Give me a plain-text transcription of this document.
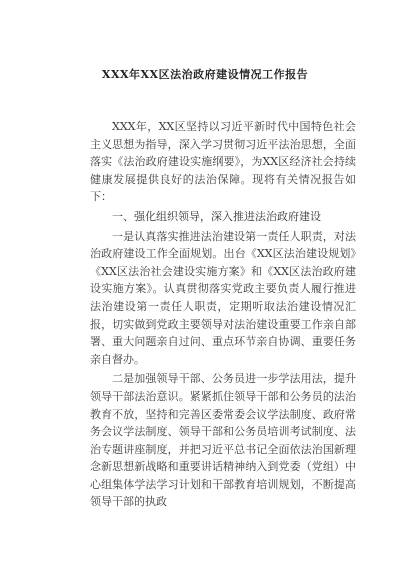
XXX年XX区法治政府建设情况工作报告

XXX年，XX区坚持以习近平新时代中国特色社会主义思想为指导，深入学习贯彻习近平法治思想，全面落实《法治政府建设实施纲要》，为XX区经济社会持续健康发展提供良好的法治保障。现将有关情况报告如下：

一、强化组织领导，深入推进法治政府建设

一是认真落实推进法治建设第一责任人职责，对法治政府建设工作全面规划。出台《XX区法治建设规划》《XX区法治社会建设实施方案》和《XX区法治政府建设实施方案》。认真贯彻落实党政主要负责人履行推进法治建设第一责任人职责，定期听取法治建设情况汇报，切实做到党政主要领导对法治建设重要工作亲自部署、重大问题亲自过问、重点环节亲自协调、重要任务亲自督办。

二是加强领导干部、公务员进一步学法用法，提升领导干部法治意识。紧紧抓住领导干部和公务员的法治教育不放，坚持和完善区委常委会议学法制度、政府常务会议学法制度、领导干部和公务员培训考试制度、法治专题讲座制度，并把习近平总书记全面依法治国新理念新思想新战略和重要讲话精神纳入到党委（党组）中心组集体学法学习计划和干部教育培训规划，不断提高领导干部的执政
